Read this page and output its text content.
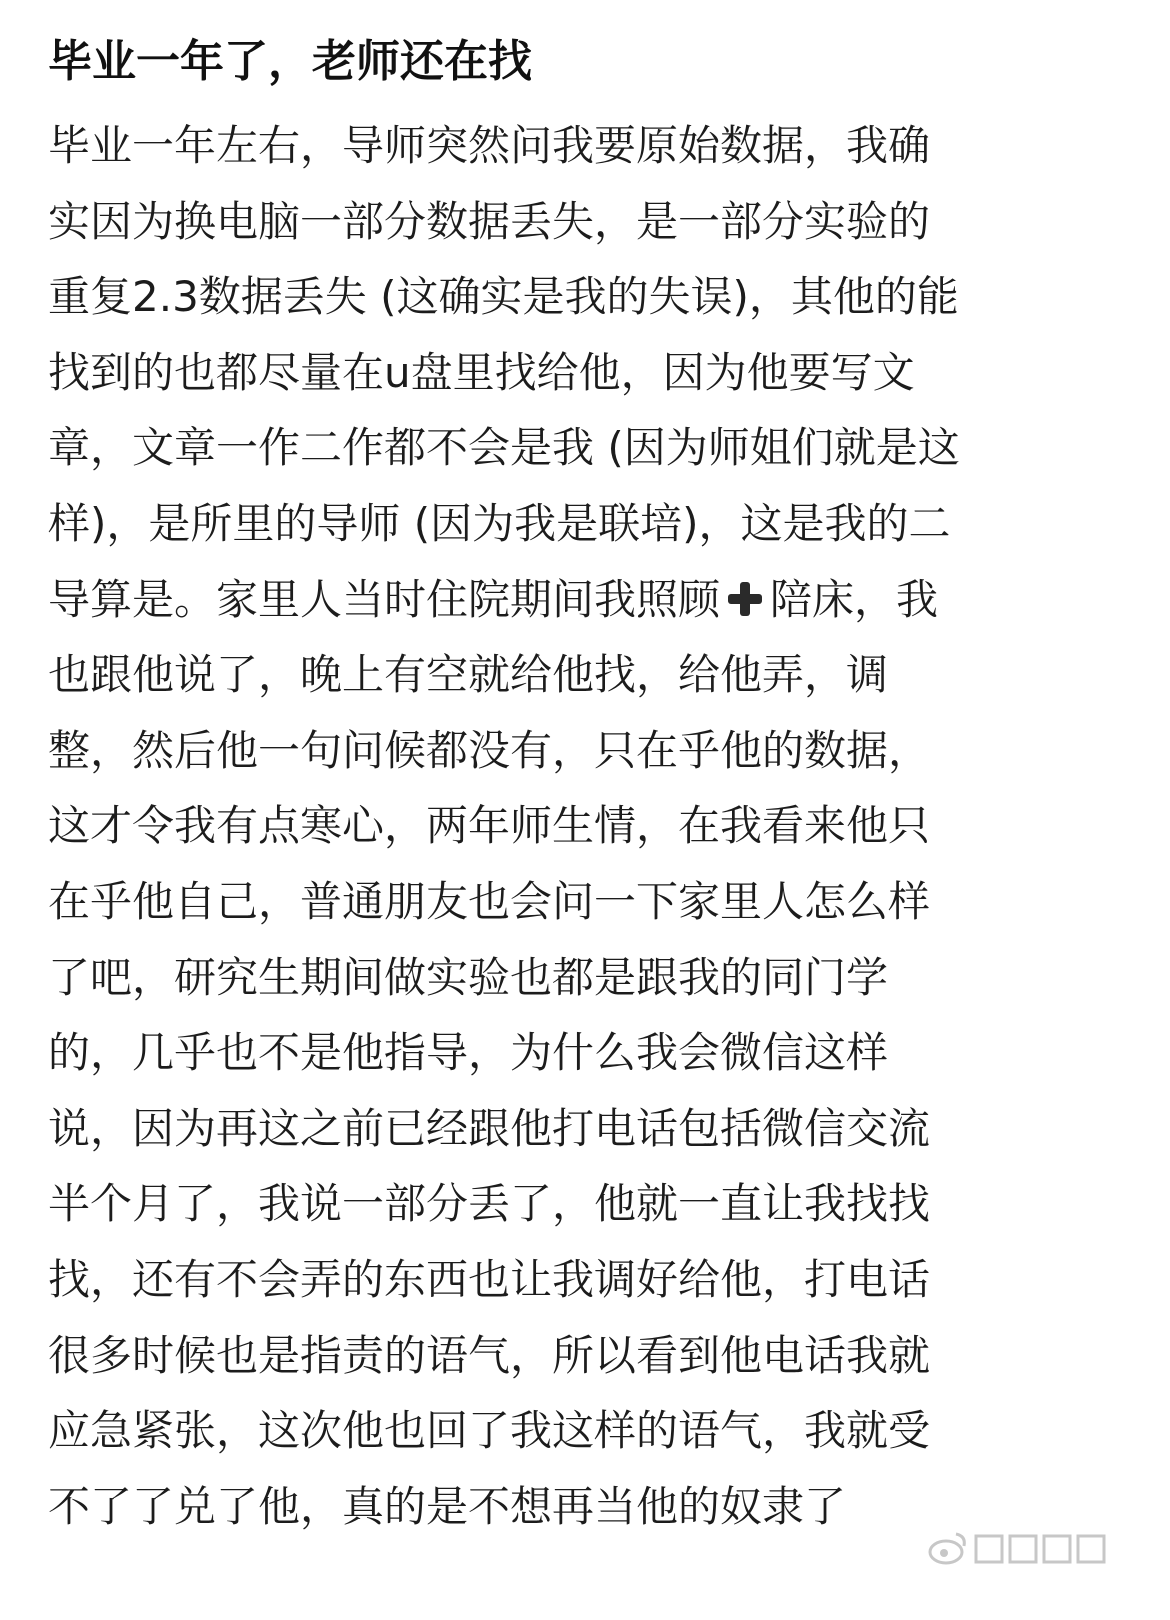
毕业一年了，老师还在找
毕业一年左右，导师突然问我要原始数据，我确
实因为换电脑一部分数据丢失，是一部分实验的
重复2.3数据丢失 (这确实是我的失误)，其他的能
找到的也都尽量在u盘里找给他，因为他要写文
章，文章一作二作都不会是我 (因为师姐们就是这
样)，是所里的导师 (因为我是联培)，这是我的二
导算是。家里人当时住院期间我照顾 陪床，我
也跟他说了，晚上有空就给他找，给他弄，调
整，然后他一句问候都没有，只在乎他的数据，
这才令我有点寒心，两年师生情，在我看来他只
在乎他自己，普通朋友也会问一下家里人怎么样
了吧，研究生期间做实验也都是跟我的同门学
的，几乎也不是他指导，为什么我会微信这样
说，因为再这之前已经跟他打电话包括微信交流
半个月了，我说一部分丢了，他就一直让我找找
找，还有不会弄的东西也让我调好给他，打电话
很多时候也是指责的语气，所以看到他电话我就
应急紧张，这次他也回了我这样的语气，我就受
不了了兑了他，真的是不想再当他的奴隶了
